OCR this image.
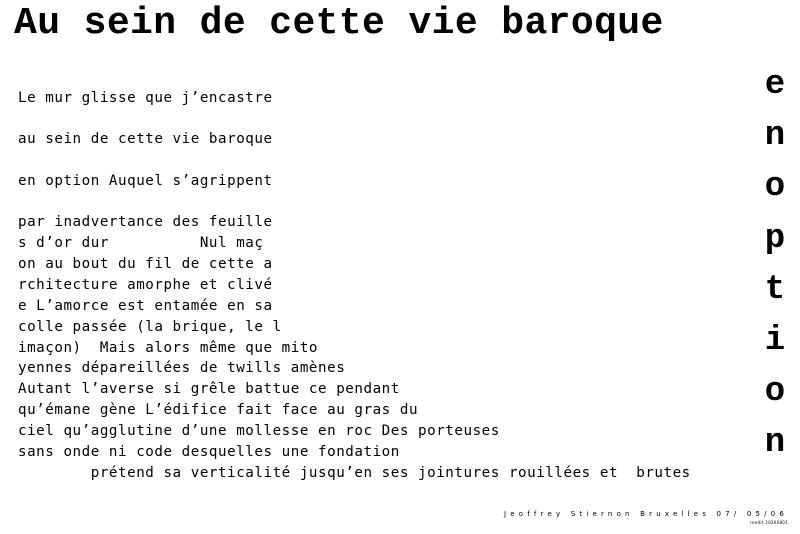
Au sein de cette vie baroque
Le mur glisse que j’encastre
au sein de cette vie baroque
en option Auquel s’agrippent
par inadvertance des feuille
s d’or dur          Nul maç
on au bout du fil de cette a
rchitecture amorphe et clivé
e L’amorce est entamée en sa
colle passée (la brique, le l
imaçon)  Mais alors même que mito
yennes dépareillées de twills amènes
Autant l’averse si grêle battue ce pendant
qu’émane gène L’édifice fait face au gras du
ciel qu’agglutine d’une mollesse en roc Des porteuses
sans onde ni code desquelles une fondation
prétend sa verticalité jusqu’en ses jointures rouillées et  brutes
e
n
o
p
t
i
o
n
Jeoffrey Stiernon Bruxelles 07/ 05/06
reedit 20200801
